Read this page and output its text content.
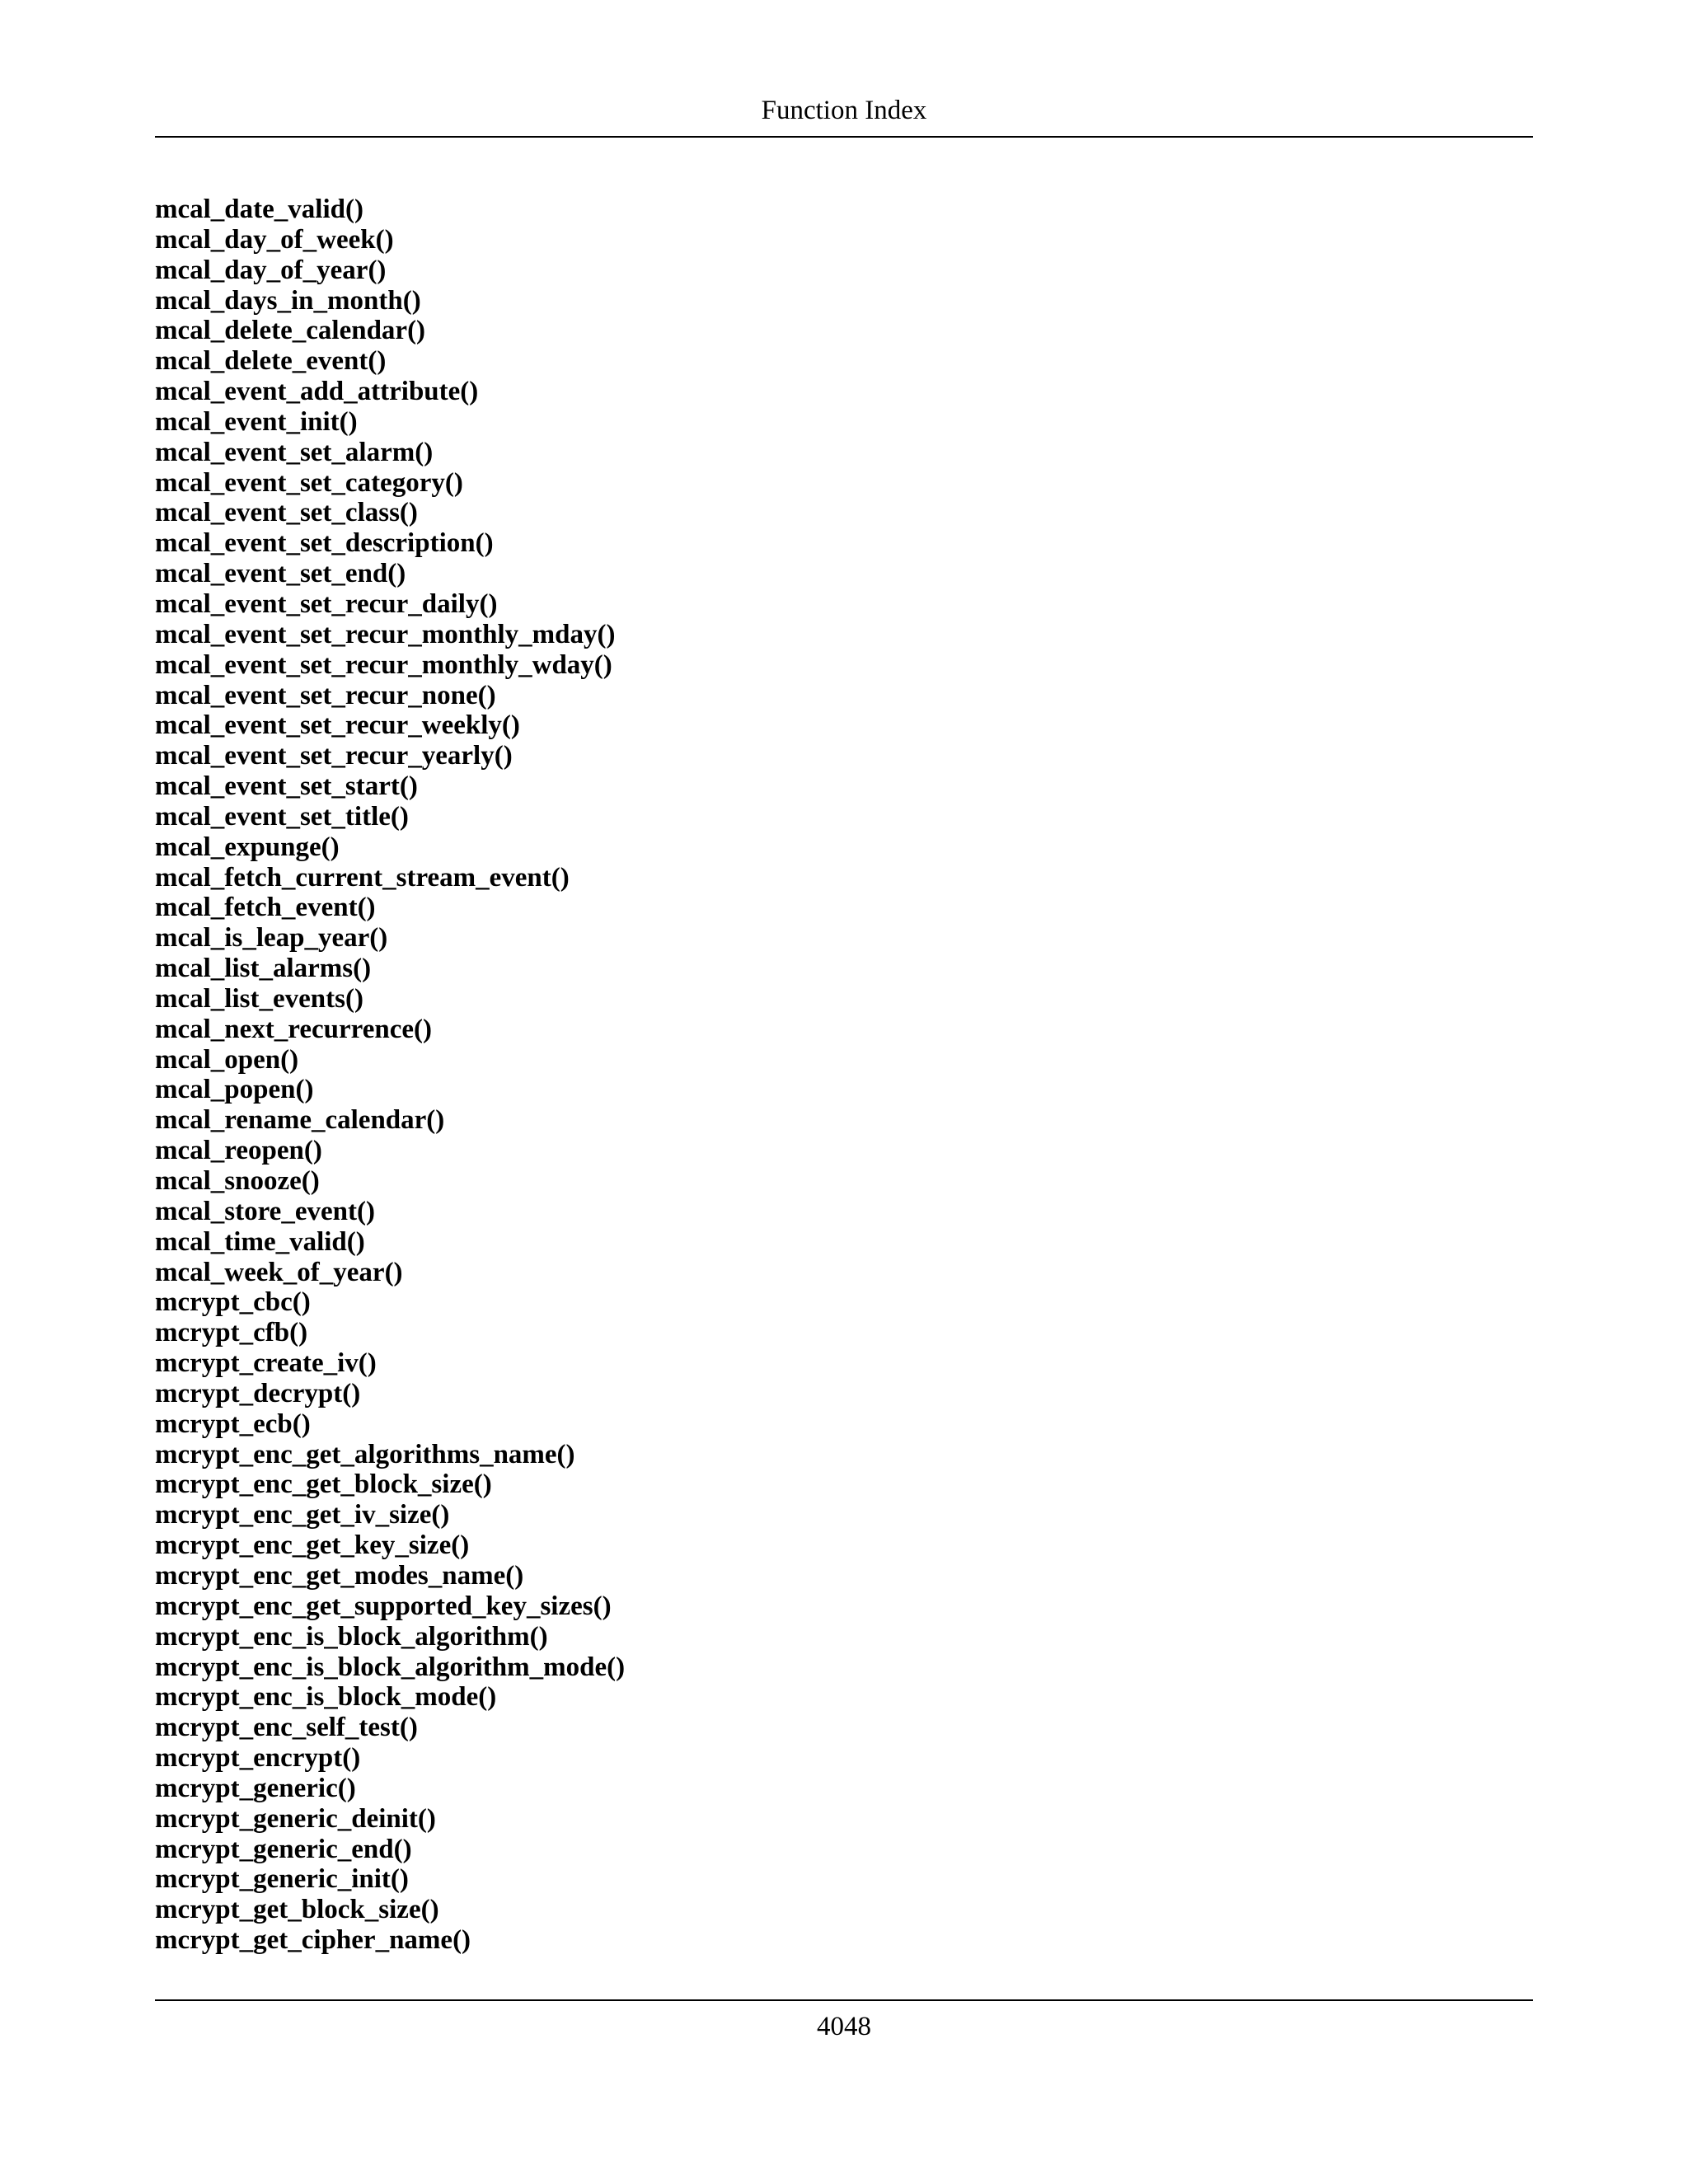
Function Index
mcal_date_valid()
mcal_day_of_week()
mcal_day_of_year()
mcal_days_in_month()
mcal_delete_calendar()
mcal_delete_event()
mcal_event_add_attribute()
mcal_event_init()
mcal_event_set_alarm()
mcal_event_set_category()
mcal_event_set_class()
mcal_event_set_description()
mcal_event_set_end()
mcal_event_set_recur_daily()
mcal_event_set_recur_monthly_mday()
mcal_event_set_recur_monthly_wday()
mcal_event_set_recur_none()
mcal_event_set_recur_weekly()
mcal_event_set_recur_yearly()
mcal_event_set_start()
mcal_event_set_title()
mcal_expunge()
mcal_fetch_current_stream_event()
mcal_fetch_event()
mcal_is_leap_year()
mcal_list_alarms()
mcal_list_events()
mcal_next_recurrence()
mcal_open()
mcal_popen()
mcal_rename_calendar()
mcal_reopen()
mcal_snooze()
mcal_store_event()
mcal_time_valid()
mcal_week_of_year()
mcrypt_cbc()
mcrypt_cfb()
mcrypt_create_iv()
mcrypt_decrypt()
mcrypt_ecb()
mcrypt_enc_get_algorithms_name()
mcrypt_enc_get_block_size()
mcrypt_enc_get_iv_size()
mcrypt_enc_get_key_size()
mcrypt_enc_get_modes_name()
mcrypt_enc_get_supported_key_sizes()
mcrypt_enc_is_block_algorithm()
mcrypt_enc_is_block_algorithm_mode()
mcrypt_enc_is_block_mode()
mcrypt_enc_self_test()
mcrypt_encrypt()
mcrypt_generic()
mcrypt_generic_deinit()
mcrypt_generic_end()
mcrypt_generic_init()
mcrypt_get_block_size()
mcrypt_get_cipher_name()
4048
